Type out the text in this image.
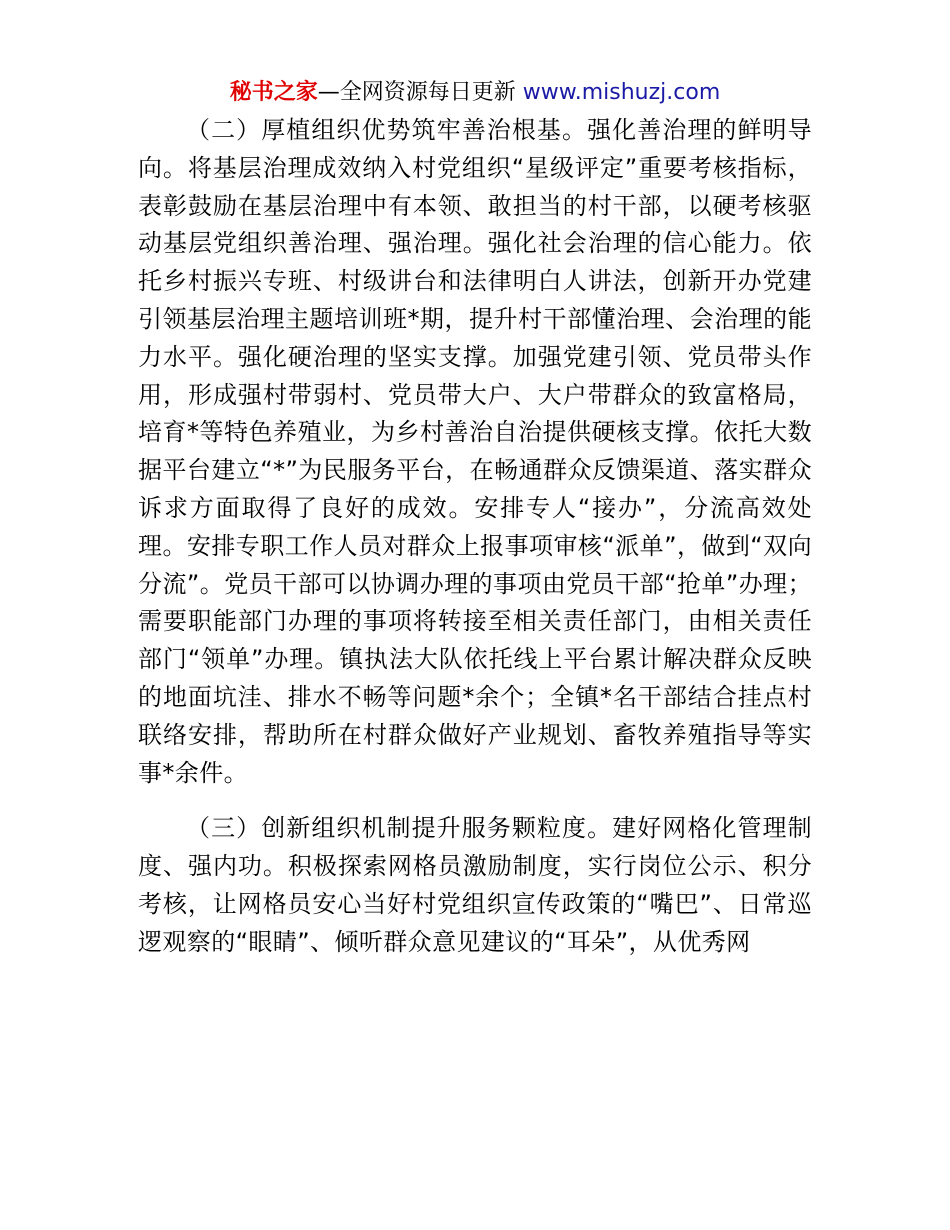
秘书之家—全网资源每日更新 www.mishuzj.com

（二）厚植组织优势筑牢善治根基。强化善治理的鲜明导向。将基层治理成效纳入村党组织“星级评定”重要考核指标，表彰鼓励在基层治理中有本领、敢担当的村干部，以硬考核驱动基层党组织善治理、强治理。强化社会治理的信心能力。依托乡村振兴专班、村级讲台和法律明白人讲法，创新开办党建引领基层治理主题培训班*期，提升村干部懂治理、会治理的能力水平。强化硬治理的坚实支撑。加强党建引领、党员带头作用，形成强村带弱村、党员带大户、大户带群众的致富格局，培育*等特色养殖业，为乡村善治自治提供硬核支撑。依托大数据平台建立“*”为民服务平台，在畅通群众反馈渠道、落实群众诉求方面取得了良好的成效。安排专人“接办”，分流高效处理。安排专职工作人员对群众上报事项审核“派单”，做到“双向分流”。党员干部可以协调办理的事项由党员干部“抢单”办理；需要职能部门办理的事项将转接至相关责任部门，由相关责任部门“领单”办理。镇执法大队依托线上平台累计解决群众反映的地面坑洼、排水不畅等问题*余个；全镇*名干部结合挂点村联络安排，帮助所在村群众做好产业规划、畜牧养殖指导等实事*余件。

（三）创新组织机制提升服务颗粒度。建好网格化管理制度、强内功。积极探索网格员激励制度，实行岗位公示、积分考核，让网格员安心当好村党组织宣传政策的“嘴巴”、日常巡逻观察的“眼睛”、倾听群众意见建议的“耳朵”，从优秀网
